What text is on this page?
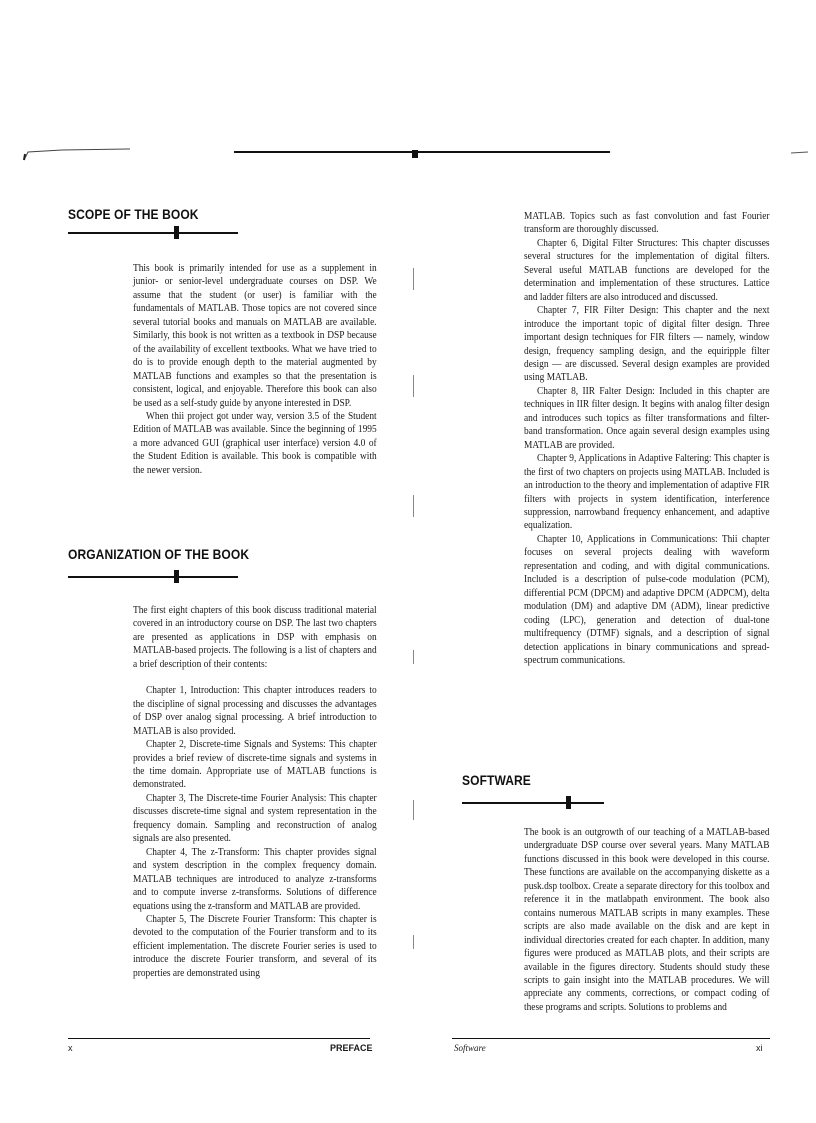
SCOPE OF THE BOOK

This book is primarily intended for use as a supplement in junior- or senior-level undergraduate courses on DSP. We assume that the student (or user) is familiar with the fundamentals of MATLAB. Those topics are not covered since several tutorial books and manuals on MATLAB are available. Similarly, this book is not written as a textbook in DSP because of the availability of excellent textbooks. What we have tried to do is to provide enough depth to the material augmented by MATLAB functions and examples so that the presentation is consistent, logical, and enjoyable. Therefore this book can also be used as a self-study guide by anyone interested in DSP.

When thii project got under way, version 3.5 of the Student Edition of MATLAB was available. Since the beginning of 1995 a more advanced GUI (graphical user interface) version 4.0 of the Student Edition is available. This book is compatible with the newer version.

ORGANIZATION OF THE BOOK

The first eight chapters of this book discuss traditional material covered in an introductory course on DSP. The last two chapters are presented as applications in DSP with emphasis on MATLAB-based projects. The following is a list of chapters and a brief description of their contents:

Chapter 1, Introduction: This chapter introduces readers to the discipline of signal processing and discusses the advantages of DSP over analog signal processing. A brief introduction to MATLAB is also provided.

Chapter 2, Discrete-time Signals and Systems: This chapter provides a brief review of discrete-time signals and systems in the time domain. Appropriate use of MATLAB functions is demonstrated.

Chapter 3, The Discrete-time Fourier Analysis: This chapter discusses discrete-time signal and system representation in the frequency domain. Sampling and reconstruction of analog signals are also presented.

Chapter 4, The z-Transform: This chapter provides signal and system description in the complex frequency domain. MATLAB techniques are introduced to analyze z-transforms and to compute inverse z-transforms. Solutions of difference equations using the z-transform and MATLAB are provided.

Chapter 5, The Discrete Fourier Transform: This chapter is devoted to the computation of the Fourier transform and to its efficient implementation. The discrete Fourier series is used to introduce the discrete Fourier transform, and several of its properties are demonstrated using

x	PREFACE

MATLAB. Topics such as fast convolution and fast Fourier transform are thoroughly discussed.

Chapter 6, Digital Filter Structures: This chapter discusses several structures for the implementation of digital filters. Several useful MATLAB functions are developed for the determination and implementation of these structures. Lattice and ladder filters are also introduced and discussed.

Chapter 7, FIR Filter Design: This chapter and the next introduce the important topic of digital filter design. Three important design techniques for FIR filters — namely, window design, frequency sampling design, and the equiripple filter design — are discussed. Several design examples are provided using MATLAB.

Chapter 8, IIR Falter Design: Included in this chapter are techniques in IIR filter design. It begins with analog filter design and introduces such topics as filter transformations and filter-band transformation. Once again several design examples using MATLAB are provided.

Chapter 9, Applications in Adaptive Faltering: This chapter is the first of two chapters on projects using MATLAB. Included is an introduction to the theory and implementation of adaptive FIR filters with projects in system identification, interference suppression, narrowband frequency enhancement, and adaptive equalization.

Chapter 10, Applications in Communications: Thii chapter focuses on several projects dealing with waveform representation and coding, and with digital communications. Included is a description of pulse-code modulation (PCM), differential PCM (DPCM) and adaptive DPCM (ADPCM), delta modulation (DM) and adaptive DM (ADM), linear predictive coding (LPC), generation and detection of dual-tone multifrequency (DTMF) signals, and a description of signal detection applications in binary communications and spread-spectrum communications.

SOFTWARE

The book is an outgrowth of our teaching of a MATLAB-based undergraduate DSP course over several years. Many MATLAB functions discussed in this book were developed in this course. These functions are available on the accompanying diskette as a pusk.dsp toolbox. Create a separate directory for this toolbox and reference it in the matlabpath environment. The book also contains numerous MATLAB scripts in many examples. These scripts are also made available on the disk and are kept in individual directories created for each chapter. In addition, many figures were produced as MATLAB plots, and their scripts are available in the figures directory. Students should study these scripts to gain insight into the MATLAB procedures. We will appreciate any comments, corrections, or compact coding of these programs and scripts. Solutions to problems and

Software	xi
